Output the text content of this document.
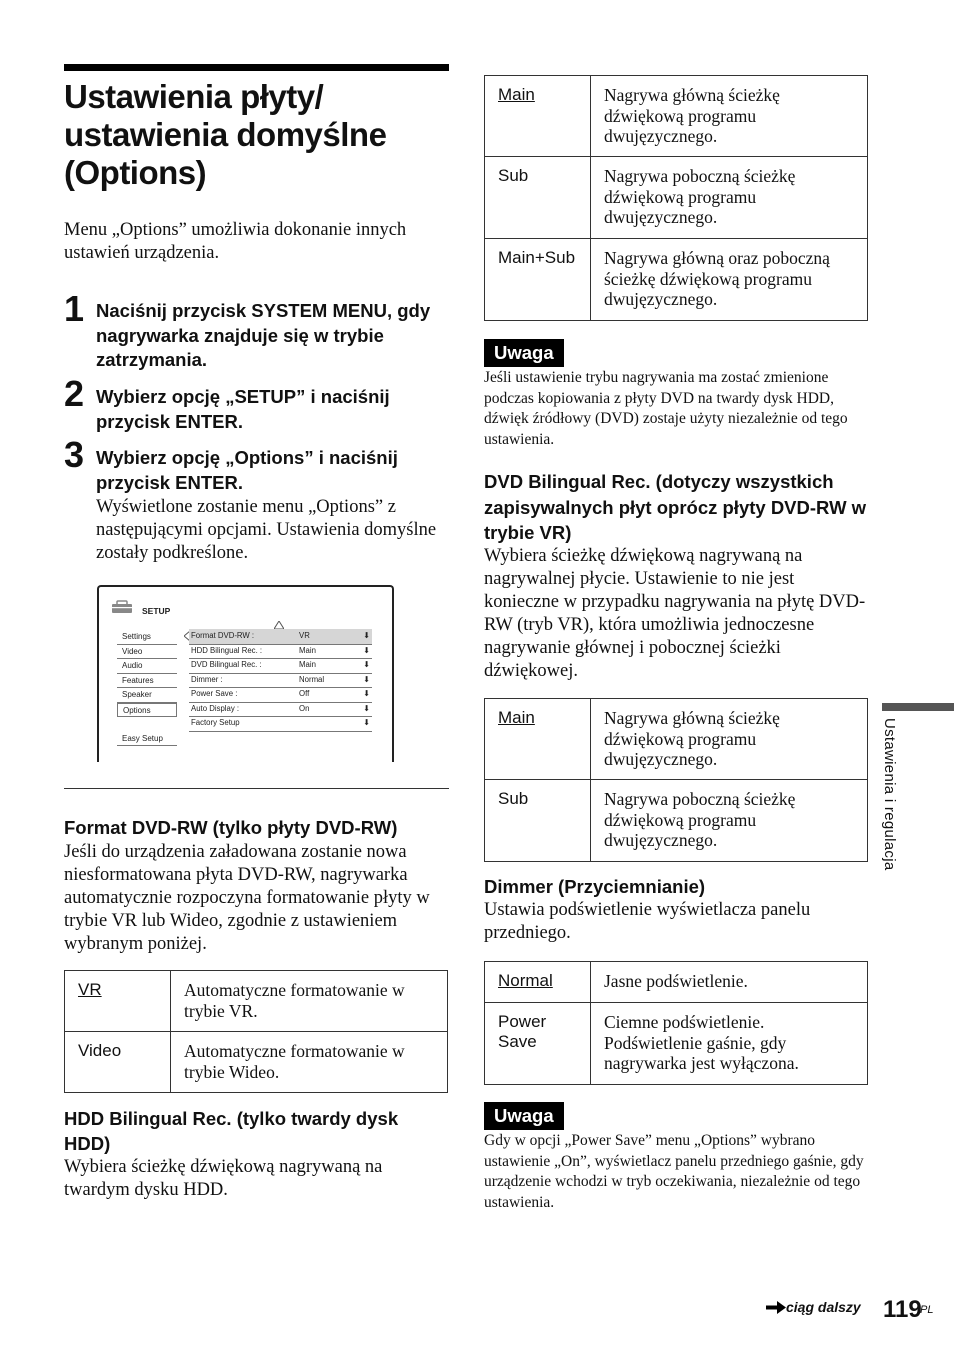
Ustawienia płyty/
ustawienia domyślne
(Options)
Menu „Options” umożliwia dokonanie innych ustawień urządzenia.
1 Naciśnij przycisk SYSTEM MENU, gdy nagrywarka znajduje się w trybie zatrzymania.
2 Wybierz opcję „SETUP” i naciśnij przycisk ENTER.
3 Wybierz opcję „Options” i naciśnij przycisk ENTER.
Wyświetlone zostanie menu „Options” z następującymi opcjami. Ustawienia domyślne zostały podkreślone.
SETUP
Settings
Video
Audio
Features
Speaker
Options
Easy Setup
Format DVD-RW :	VR	⬇
HDD Bilingual Rec. :	Main	⬇
DVD Bilingual Rec. :	Main	⬇
Dimmer :	Normal	⬇
Power Save :	Off	⬇
Auto Display :	On	⬇
Factory Setup	⬇
Format DVD-RW (tylko płyty DVD-RW)
Jeśli do urządzenia załadowana zostanie nowa niesformatowana płyta DVD-RW, nagrywarka automatycznie rozpoczyna formatowanie płyty w trybie VR lub Wideo, zgodnie z ustawieniem wybranym poniżej.
VR	Automatyczne formatowanie w trybie VR.
Video	Automatyczne formatowanie w trybie Wideo.
HDD Bilingual Rec. (tylko twardy dysk HDD)
Wybiera ścieżkę dźwiękową nagrywaną na twardym dysku HDD.
Main	Nagrywa główną ścieżkę dźwiękową programu dwujęzycznego.
Sub	Nagrywa poboczną ścieżkę dźwiękową programu dwujęzycznego.
Main+Sub	Nagrywa główną oraz poboczną ścieżkę dźwiękową programu dwujęzycznego.
Uwaga
Jeśli ustawienie trybu nagrywania ma zostać zmienione podczas kopiowania z płyty DVD na twardy dysk HDD, dźwięk źródłowy (DVD) zostaje użyty niezależnie od tego ustawienia.
DVD Bilingual Rec. (dotyczy wszystkich zapisywalnych płyt oprócz płyty DVD-RW w trybie VR)
Wybiera ścieżkę dźwiękową nagrywaną na nagrywalnej płycie. Ustawienie to nie jest konieczne w przypadku nagrywania na płytę DVD-RW (tryb VR), która umożliwia jednoczesne nagrywanie głównej i pobocznej ścieżki dźwiękowej.
Main	Nagrywa główną ścieżkę dźwiękową programu dwujęzycznego.
Sub	Nagrywa poboczną ścieżkę dźwiękową programu dwujęzycznego.
Dimmer (Przyciemnianie)
Ustawia podświetlenie wyświetlacza panelu przedniego.
Normal	Jasne podświetlenie.
Power Save	Ciemne podświetlenie. Podświetlenie gaśnie, gdy nagrywarka jest wyłączona.
Uwaga
Gdy w opcji „Power Save” menu „Options” wybrano ustawienie „On”, wyświetlacz panelu przedniego gaśnie, gdy urządzenie wchodzi w tryb oczekiwania, niezależnie od tego ustawienia.
Ustawienia i regulacja
ciąg dalszy 119
PL
